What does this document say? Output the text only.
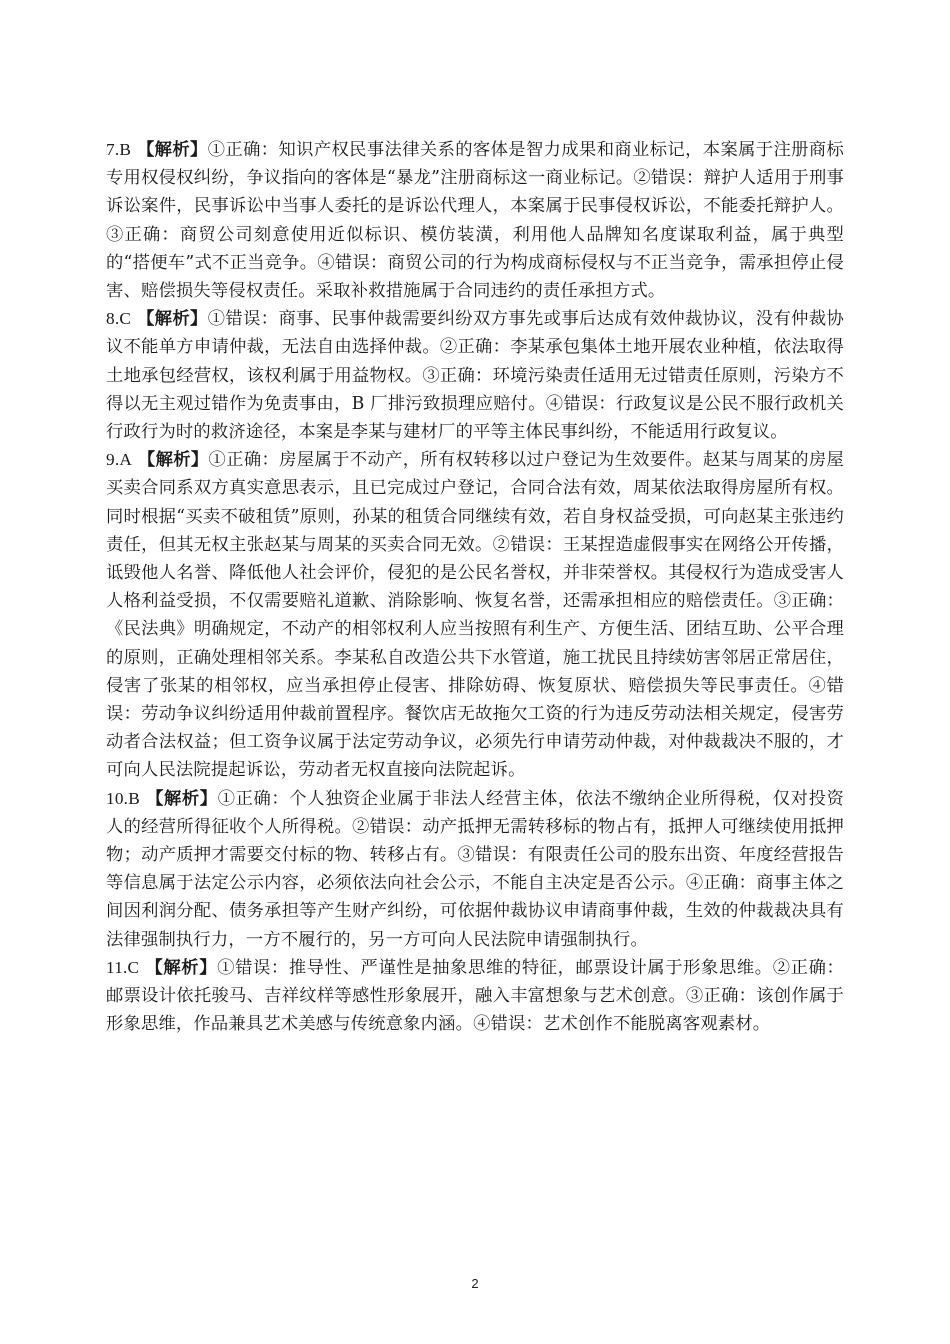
7.B 【解析】①正确：知识产权民事法律关系的客体是智力成果和商业标记，本案属于注册商标专用权侵权纠纷，争议指向的客体是“暴龙”注册商标这一商业标记。②错误：辩护人适用于刑事诉讼案件，民事诉讼中当事人委托的是诉讼代理人，本案属于民事侵权诉讼，不能委托辩护人。③正确：商贸公司刻意使用近似标识、模仿装潢，利用他人品牌知名度谋取利益，属于典型的“搭便车”式不正当竞争。④错误：商贸公司的行为构成商标侵权与不正当竞争，需承担停止侵害、赔偿损失等侵权责任。采取补救措施属于合同违约的责任承担方式。

8.C 【解析】①错误：商事、民事仲裁需要纠纷双方事先或事后达成有效仲裁协议，没有仲裁协议不能单方申请仲裁，无法自由选择仲裁。②正确：李某承包集体土地开展农业种植，依法取得土地承包经营权，该权利属于用益物权。③正确：环境污染责任适用无过错责任原则，污染方不得以无主观过错作为免责事由，B 厂排污致损理应赔付。④错误：行政复议是公民不服行政机关行政行为时的救济途径，本案是李某与建材厂的平等主体民事纠纷，不能适用行政复议。

9.A 【解析】①正确：房屋属于不动产，所有权转移以过户登记为生效要件。赵某与周某的房屋买卖合同系双方真实意思表示，且已完成过户登记，合同合法有效，周某依法取得房屋所有权。同时根据“买卖不破租赁”原则，孙某的租赁合同继续有效，若自身权益受损，可向赵某主张违约责任，但其无权主张赵某与周某的买卖合同无效。②错误：王某捏造虚假事实在网络公开传播，诋毁他人名誉、降低他人社会评价，侵犯的是公民名誉权，并非荣誉权。其侵权行为造成受害人人格利益受损，不仅需要赔礼道歉、消除影响、恢复名誉，还需承担相应的赔偿责任。③正确：《民法典》明确规定，不动产的相邻权利人应当按照有利生产、方便生活、团结互助、公平合理的原则，正确处理相邻关系。李某私自改造公共下水管道，施工扰民且持续妨害邻居正常居住，侵害了张某的相邻权，应当承担停止侵害、排除妨碍、恢复原状、赔偿损失等民事责任。④错误：劳动争议纠纷适用仲裁前置程序。餐饮店无故拖欠工资的行为违反劳动法相关规定，侵害劳动者合法权益；但工资争议属于法定劳动争议，必须先行申请劳动仲裁，对仲裁裁决不服的，才可向人民法院提起诉讼，劳动者无权直接向法院起诉。

10.B 【解析】①正确：个人独资企业属于非法人经营主体，依法不缴纳企业所得税，仅对投资人的经营所得征收个人所得税。②错误：动产抵押无需转移标的物占有，抵押人可继续使用抵押物；动产质押才需要交付标的物、转移占有。③错误：有限责任公司的股东出资、年度经营报告等信息属于法定公示内容，必须依法向社会公示，不能自主决定是否公示。④正确：商事主体之间因利润分配、债务承担等产生财产纠纷，可依据仲裁协议申请商事仲裁，生效的仲裁裁决具有法律强制执行力，一方不履行的，另一方可向人民法院申请强制执行。

11.C 【解析】①错误：推导性、严谨性是抽象思维的特征，邮票设计属于形象思维。②正确：邮票设计依托骏马、吉祥纹样等感性形象展开，融入丰富想象与艺术创意。③正确：该创作属于形象思维，作品兼具艺术美感与传统意象内涵。④错误：艺术创作不能脱离客观素材。

2
